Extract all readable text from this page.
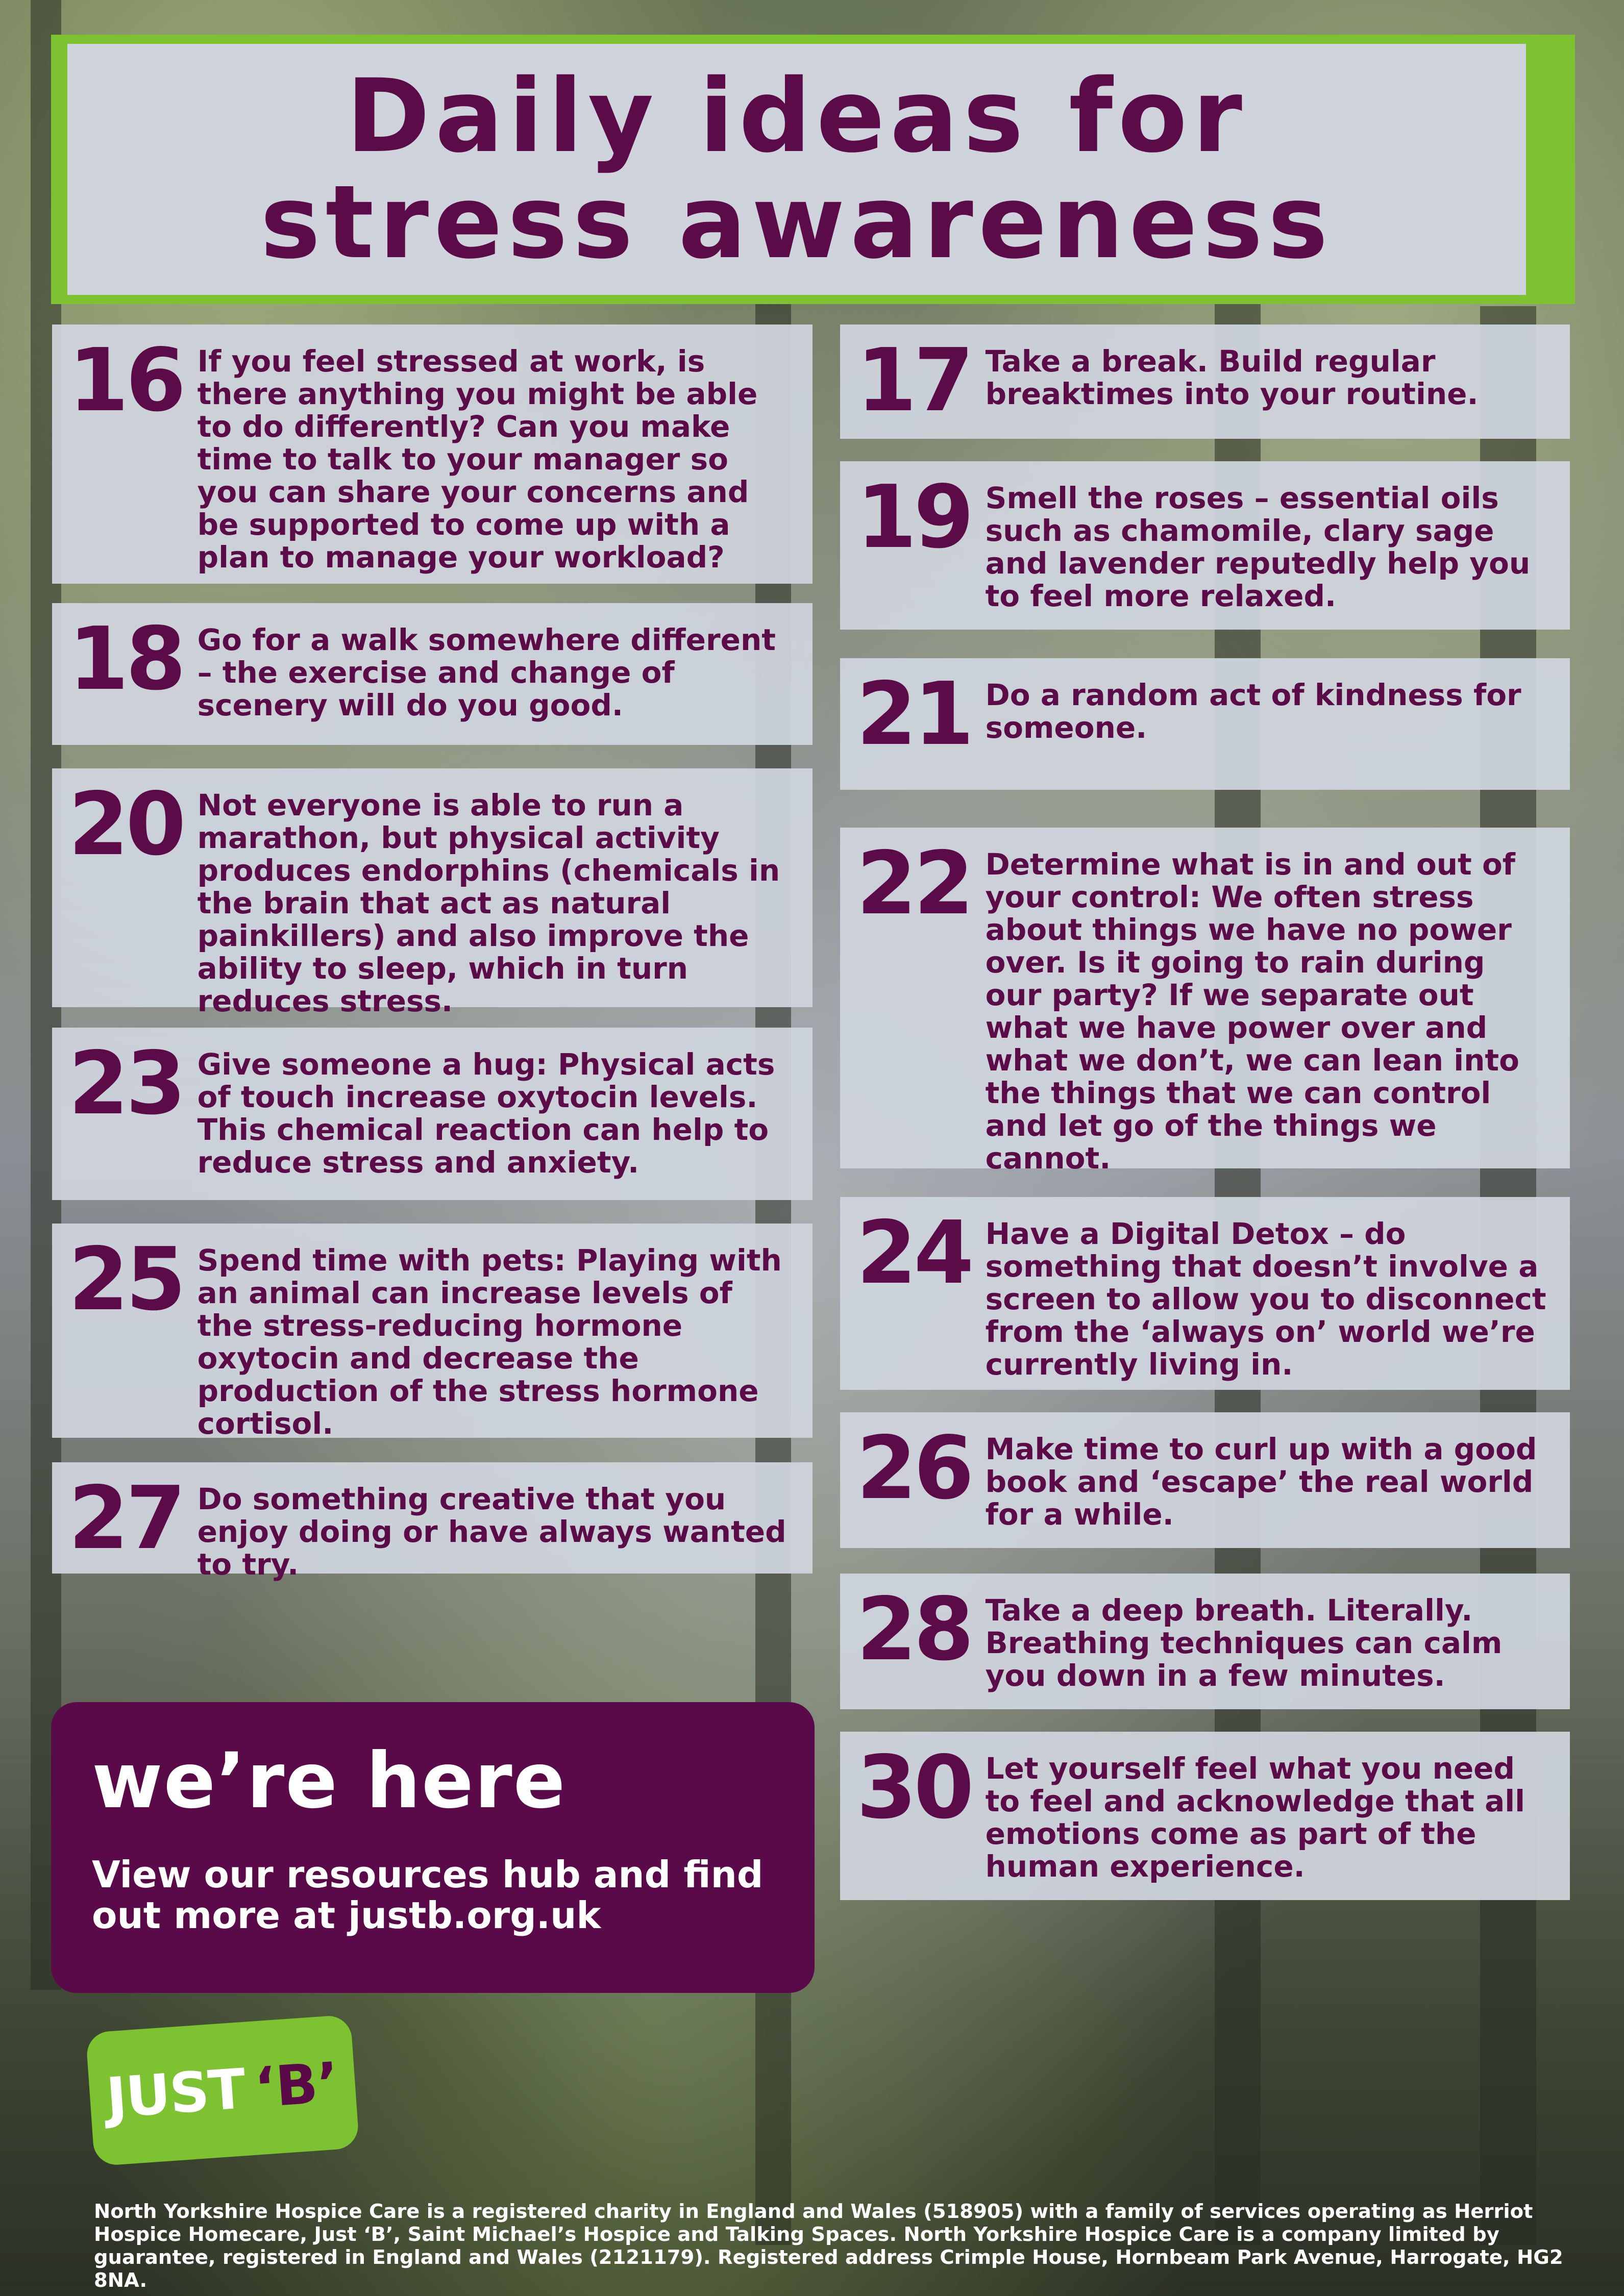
Daily ideas for
stress awareness
16 If you feel stressed at work, is there anything you might be able to do differently? Can you make time to talk to your manager so you can share your concerns and be supported to come up with a plan to manage your workload?
18 Go for a walk somewhere different – the exercise and change of scenery will do you good.
20 Not everyone is able to run a marathon, but physical activity produces endorphins (chemicals in the brain that act as natural painkillers) and also improve the ability to sleep, which in turn reduces stress.
23 Give someone a hug: Physical acts of touch increase oxytocin levels. This chemical reaction can help to reduce stress and anxiety.
25 Spend time with pets: Playing with an animal can increase levels of the stress-reducing hormone oxytocin and decrease the production of the stress hormone cortisol.
27 Do something creative that you enjoy doing or have always wanted to try.
17 Take a break. Build regular breaktimes into your routine.
19 Smell the roses – essential oils such as chamomile, clary sage and lavender reputedly help you to feel more relaxed.
21 Do a random act of kindness for someone.
22 Determine what is in and out of your control: We often stress about things we have no power over. Is it going to rain during our party? If we separate out what we have power over and what we don’t, we can lean into the things that we can control and let go of the things we cannot.
24 Have a Digital Detox – do something that doesn’t involve a screen to allow you to disconnect from the ‘always on’ world we’re currently living in.
26 Make time to curl up with a good book and ‘escape’ the real world for a while.
28 Take a deep breath. Literally. Breathing techniques can calm you down in a few minutes.
30 Let yourself feel what you need to feel and acknowledge that all emotions come as part of the human experience.
we’re here
View our resources hub and find out more at justb.org.uk
JUST ‘B’
North Yorkshire Hospice Care is a registered charity in England and Wales (518905) with a family of services operating as Herriot Hospice Homecare, Just ‘B’, Saint Michael’s Hospice and Talking Spaces. North Yorkshire Hospice Care is a company limited by guarantee, registered in England and Wales (2121179). Registered address Crimple House, Hornbeam Park Avenue, Harrogate, HG2 8NA.
